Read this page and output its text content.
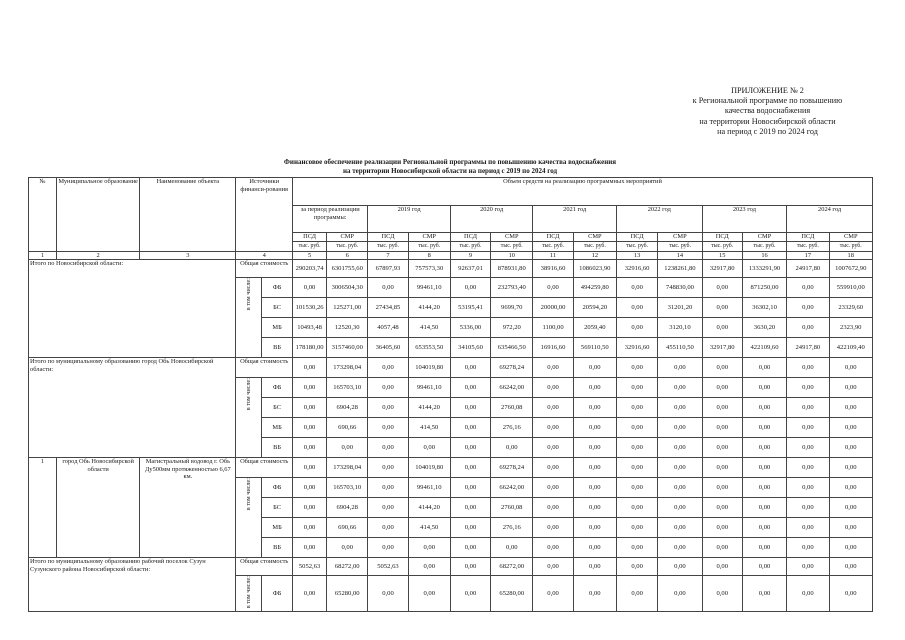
ПРИЛОЖЕНИЕ № 2
к Региональной программе по повышению
качества водоснабжения
на территории Новосибирской области
на период с 2019 по 2024 год
Финансовое обеспечение реализации Региональной программы по повышению качества водоснабжения
на территории Новосибирской области на период с 2019 по 2024 год
№	Муниципальное образование	Наименование объекта	Источники финанси-рования		Объем средств на реализацию программных мероприятий													
					за период реализации программы:		2019 год		2020 год		2021 год		2022 год		2023 год		2024 год	
					ПСД	СМР	ПСД	СМР	ПСД	СМР	ПСД	СМР	ПСД	СМР	ПСД	СМР	ПСД	СМР
					тыс. руб.	тыс. руб.	тыс. руб.	тыс. руб.	тыс. руб.	тыс. руб.	тыс. руб.	тыс. руб.	тыс. руб.	тыс. руб.	тыс. руб.	тыс. руб.	тыс. руб.	тыс. руб.
1	2	3	4		5	6	7	8	9	10	11	12	13	14	15	16	17	18
Итого по Новосибирской области:			Общая стоимость		290203,74	6301755,60	67897,93	757573,30	92637,01	878931,80	38916,60	1086023,90	32916,60	1238261,80	32917,80	1333291,90	24917,80	1007672,90
			в том числе:	ФБ	0,00	3006504,30	0,00	99461,10	0,00	232793,40	0,00	494259,80	0,00	748830,00	0,00	871250,00	0,00	559910,00
				БС	101530,26	125271,00	27434,85	4144,20	53195,41	9699,70	20000,00	20594,20	0,00	31201,20	0,00	36302,10	0,00	23329,60
				МБ	10493,48	12520,30	4057,48	414,50	5336,00	972,20	1100,00	2059,40	0,00	3120,10	0,00	3630,20	0,00	2323,90
				ВБ	178180,00	3157460,00	36405,60	653553,50	34105,60	635466,50	16916,60	569110,50	32916,60	455110,50	32917,80	422109,60	24917,80	422109,40
Итого по муниципальному образованию город Обь Новосибирской области:			Общая стоимость		0,00	173298,04	0,00	104019,80	0,00	69278,24	0,00	0,00	0,00	0,00	0,00	0,00	0,00	0,00
			в том числе:	ФБ	0,00	165703,10	0,00	99461,10	0,00	66242,00	0,00	0,00	0,00	0,00	0,00	0,00	0,00	0,00
				БС	0,00	6904,28	0,00	4144,20	0,00	2760,08	0,00	0,00	0,00	0,00	0,00	0,00	0,00	0,00
				МБ	0,00	690,66	0,00	414,50	0,00	276,16	0,00	0,00	0,00	0,00	0,00	0,00	0,00	0,00
				ВБ	0,00	0,00	0,00	0,00	0,00	0,00	0,00	0,00	0,00	0,00	0,00	0,00	0,00	0,00
1	город Обь Новосибирской области	Магистральный водовод г. Обь Ду500мм протяженностью 6,67 км.	Общая стоимость		0,00	173298,04	0,00	104019,80	0,00	69278,24	0,00	0,00	0,00	0,00	0,00	0,00	0,00	0,00
			в том числе:	ФБ	0,00	165703,10	0,00	99461,10	0,00	66242,00	0,00	0,00	0,00	0,00	0,00	0,00	0,00	0,00
				БС	0,00	6904,28	0,00	4144,20	0,00	2760,08	0,00	0,00	0,00	0,00	0,00	0,00	0,00	0,00
				МБ	0,00	690,66	0,00	414,50	0,00	276,16	0,00	0,00	0,00	0,00	0,00	0,00	0,00	0,00
				ВБ	0,00	0,00	0,00	0,00	0,00	0,00	0,00	0,00	0,00	0,00	0,00	0,00	0,00	0,00
Итого по муниципальному образованию рабочий поселок Сузун Сузунского района Новосибирской области:			Общая стоимость		5052,63	68272,00	5052,63	0,00	0,00	68272,00	0,00	0,00	0,00	0,00	0,00	0,00	0,00	0,00
			в том числе:	ФБ	0,00	65280,00	0,00	0,00	0,00	65280,00	0,00	0,00	0,00	0,00	0,00	0,00	0,00	0,00
